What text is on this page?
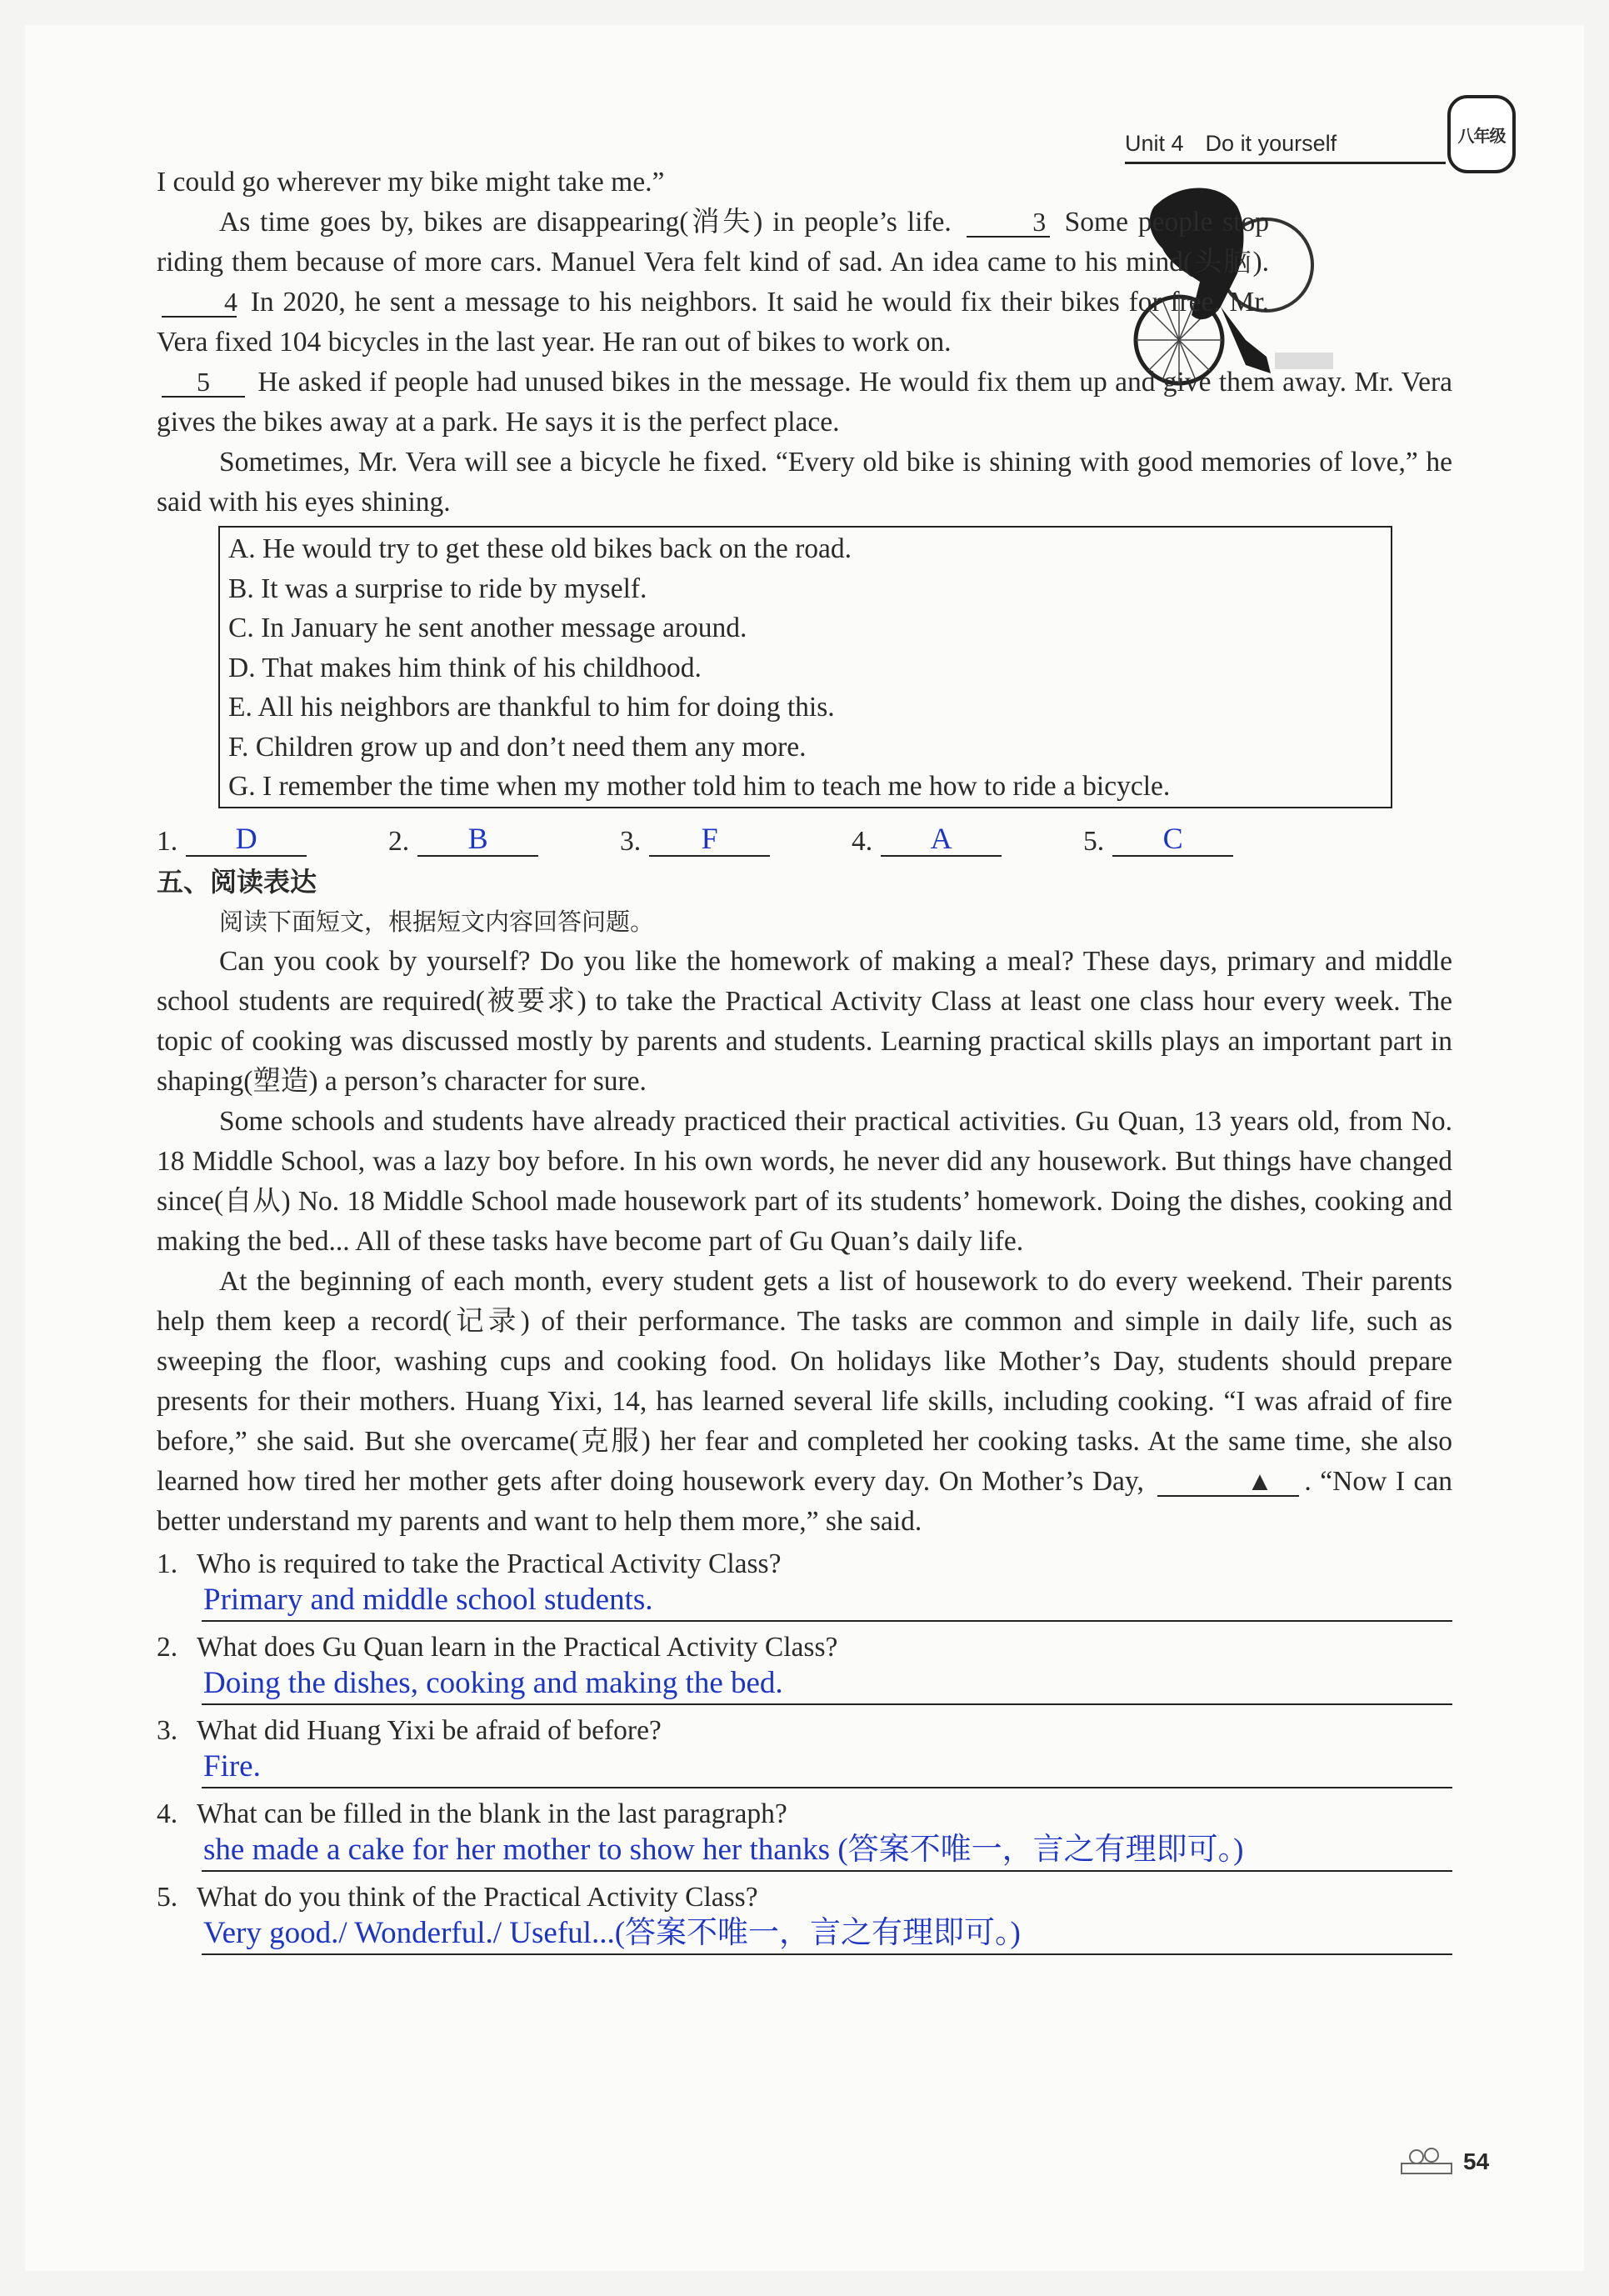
Unit 4 Do it yourself	八年级

I could go wherever my bike might take me.”

As time goes by, bikes are disappearing(消失) in people’s life.	3 Some people stop riding them because of more cars. Manuel Vera felt kind of sad. An idea came to his mind(头脑). 4 In 2020, he sent a message to his neighbors. It said he would fix their bikes for free. Mr. Vera fixed 104 bicycles in the last year. He ran out of bikes to work on.

5 He asked if people had unused bikes in the message. He would fix them up and give them away. Mr. Vera gives the bikes away at a park. He says it is the perfect place.

Sometimes, Mr. Vera will see a bicycle he fixed. “Every old bike is shining with good memories of love,” he said with his eyes shining.

A. He would try to get these old bikes back on the road.
B. It was a surprise to ride by myself.
C. In January he sent another message around.
D. That makes him think of his childhood.
E. All his neighbors are thankful to him for doing this.
F. Children grow up and don’t need them any more.
G. I remember the time when my mother told him to teach me how to ride a bicycle.
1.	D	2.	B	3.	F	4.	A	5.	C
五、阅读表达

阅读下面短文，根据短文内容回答问题。

Can you cook by yourself? Do you like the homework of making a meal? These days, primary and middle school students are required(被要求) to take the Practical Activity Class at least one class hour every week. The topic of cooking was discussed mostly by parents and students. Learning practical skills plays an important part in shaping(塑造) a person’s character for sure.

Some schools and students have already practiced their practical activities. Gu Quan, 13 years old, from No. 18 Middle School, was a lazy boy before. In his own words, he never did any housework. But things have changed since(自从) No. 18 Middle School made housework part of its students’ homework. Doing the dishes, cooking and making the bed... All of these tasks have become part of Gu Quan’s daily life.

At the beginning of each month, every student gets a list of housework to do every weekend. Their parents help them keep a record(记录) of their performance. The tasks are common and simple in daily life, such as sweeping the floor, washing cups and cooking food. On holidays like Mother’s Day, students should prepare presents for their mothers. Huang Yixi, 14, has learned several life skills, including cooking. “I was afraid of fire before,” she said. But she overcame(克服) her fear and completed her cooking tasks. At the same time, she also learned how tired her mother gets after doing housework every day. On Mother’s Day,	▲ . “Now I can better understand my parents and want to help them more,” she said.

1. Who is required to take the Practical Activity Class?
Primary and middle school students.
2. What does Gu Quan learn in the Practical Activity Class?
Doing the dishes, cooking and making the bed.
3. What did Huang Yixi be afraid of before?
Fire.
4. What can be filled in the blank in the last paragraph?
she made a cake for her mother to show her thanks (答案不唯一，言之有理即可。)
5. What do you think of the Practical Activity Class?
Very good./ Wonderful./ Useful...(答案不唯一，言之有理即可。)
54
